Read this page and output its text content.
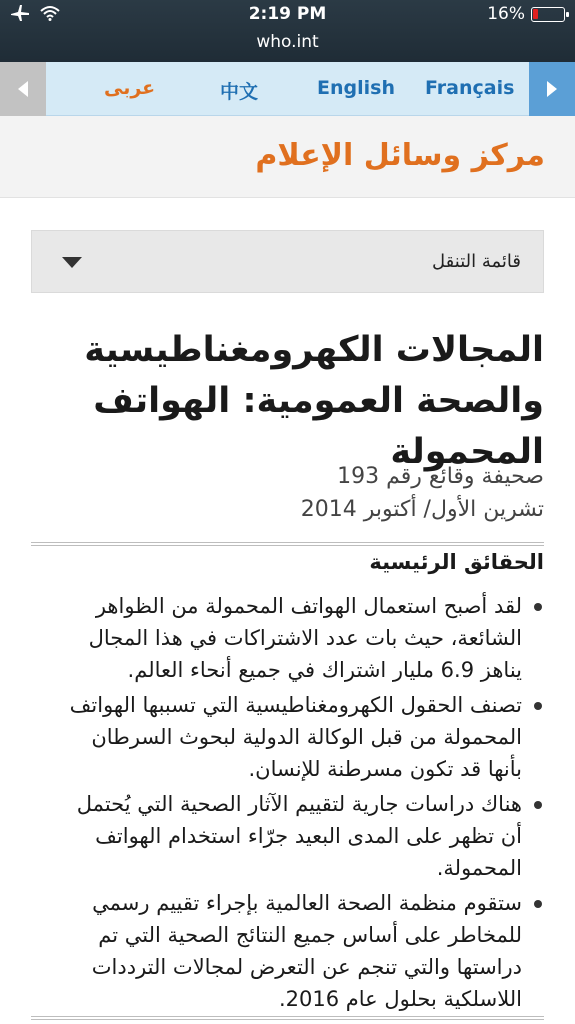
2:19 PM	16%
who.int
عربى	中文	English Français
مركز وسائل الإعلام
قائمة التنقل
المجالات الكهرومغناطيسية والصحة العمومية: الهواتف المحمولة
صحيفة وقائع رقم 193
تشرين الأول/ أكتوبر 2014
الحقائق الرئيسية
لقد أصبح استعمال الهواتف المحمولة من الظواهر الشائعة، حيث بات عدد الاشتراكات في هذا المجال يناهز 6.9 مليار اشتراك في جميع أنحاء العالم.
تصنف الحقول الكهرومغناطيسية التي تسببها الهواتف المحمولة من قبل الوكالة الدولية لبحوث السرطان بأنها قد تكون مسرطنة للإنسان.
هناك دراسات جارية لتقييم الآثار الصحية التي يُحتمل أن تظهر على المدى البعيد جرّاء استخدام الهواتف المحمولة.
ستقوم منظمة الصحة العالمية بإجراء تقييم رسمي للمخاطر على أساس جميع النتائج الصحية التي تم دراستها والتي تنجم عن التعرض لمجالات الترددات اللاسلكية بحلول عام 2016.
